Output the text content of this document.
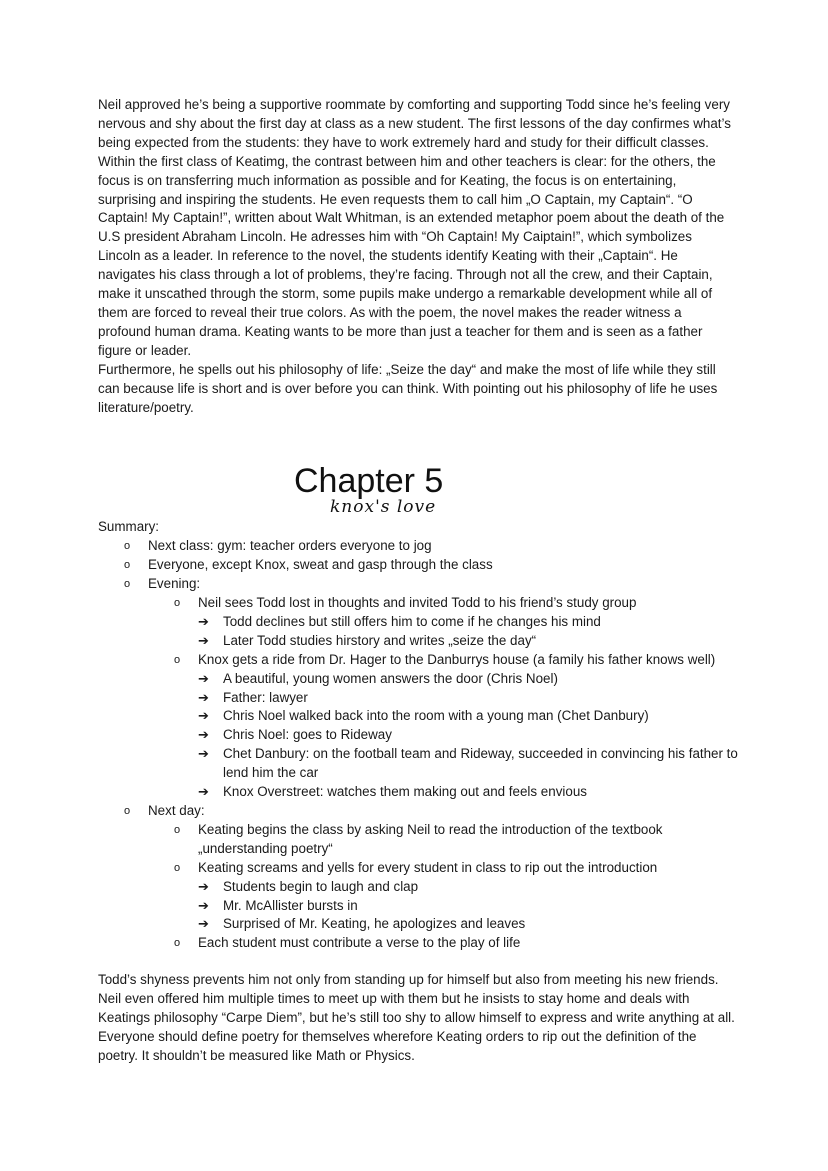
Neil approved he’s being a supportive roommate by comforting and supporting Todd since he’s feeling very nervous and shy about the first day at class as a new student. The first lessons of the day confirmes what’s being expected from the students: they have to work extremely hard and study for their difficult classes. Within the first class of Keatimg, the contrast between him and other teachers is clear: for the others, the focus is on transferring much information as possible and for Keating, the focus is on entertaining, surprising and inspiring the students. He even requests them to call him „O Captain, my Captain“. “O Captain! My Captain!”, written about Walt Whitman, is an extended metaphor poem about the death of the U.S president Abraham Lincoln. He adresses him with “Oh Captain! My Caiptain!”, which symbolizes Lincoln as a leader. In reference to the novel, the students identify Keating with their „Captain“. He navigates his class through a lot of problems, they’re facing. Through not all the crew, and their Captain, make it unscathed through the storm, some pupils make undergo a remarkable development while all of them are forced to reveal their true colors. As with the poem, the novel makes the reader witness a profound human drama. Keating wants to be more than just a teacher for them and is seen as a father figure or leader.

Furthermore, he spells out his philosophy of life: „Seize the day“ and make the most of life while they still can because life is short and is over before you can think. With pointing out his philosophy of life he uses literature/poetry.

Chapter 5
knox's love

Summary:

o Next class: gym: teacher orders everyone to jog
o Everyone, except Knox, sweat and gasp through the class
o Evening:
o Neil sees Todd lost in thoughts and invited Todd to his friend’s study group
➔ Todd declines but still offers him to come if he changes his mind
➔ Later Todd studies hirstory and writes „seize the day“
o Knox gets a ride from Dr. Hager to the Danburrys house (a family his father knows well)
➔ A beautiful, young women answers the door (Chris Noel)
➔ Father: lawyer
➔ Chris Noel walked back into the room with a young man (Chet Danbury)
➔ Chris Noel: goes to Rideway
➔ Chet Danbury: on the football team and Rideway, succeeded in convincing his father to lend him the car
➔ Knox Overstreet: watches them making out and feels envious
o Next day:
o Keating begins the class by asking Neil to read the introduction of the textbook „understanding poetry“
o Keating screams and yells for every student in class to rip out the introduction
➔ Students begin to laugh and clap
➔ Mr. McAllister bursts in
➔ Surprised of Mr. Keating, he apologizes and leaves
o Each student must contribute a verse to the play of life

Todd’s shyness prevents him not only from standing up for himself but also from meeting his new friends. Neil even offered him multiple times to meet up with them but he insists to stay home and deals with Keatings philosophy “Carpe Diem”, but he’s still too shy to allow himself to express and write anything at all.

Everyone should define poetry for themselves wherefore Keating orders to rip out the definition of the poetry. It shouldn’t be measured like Math or Physics.
